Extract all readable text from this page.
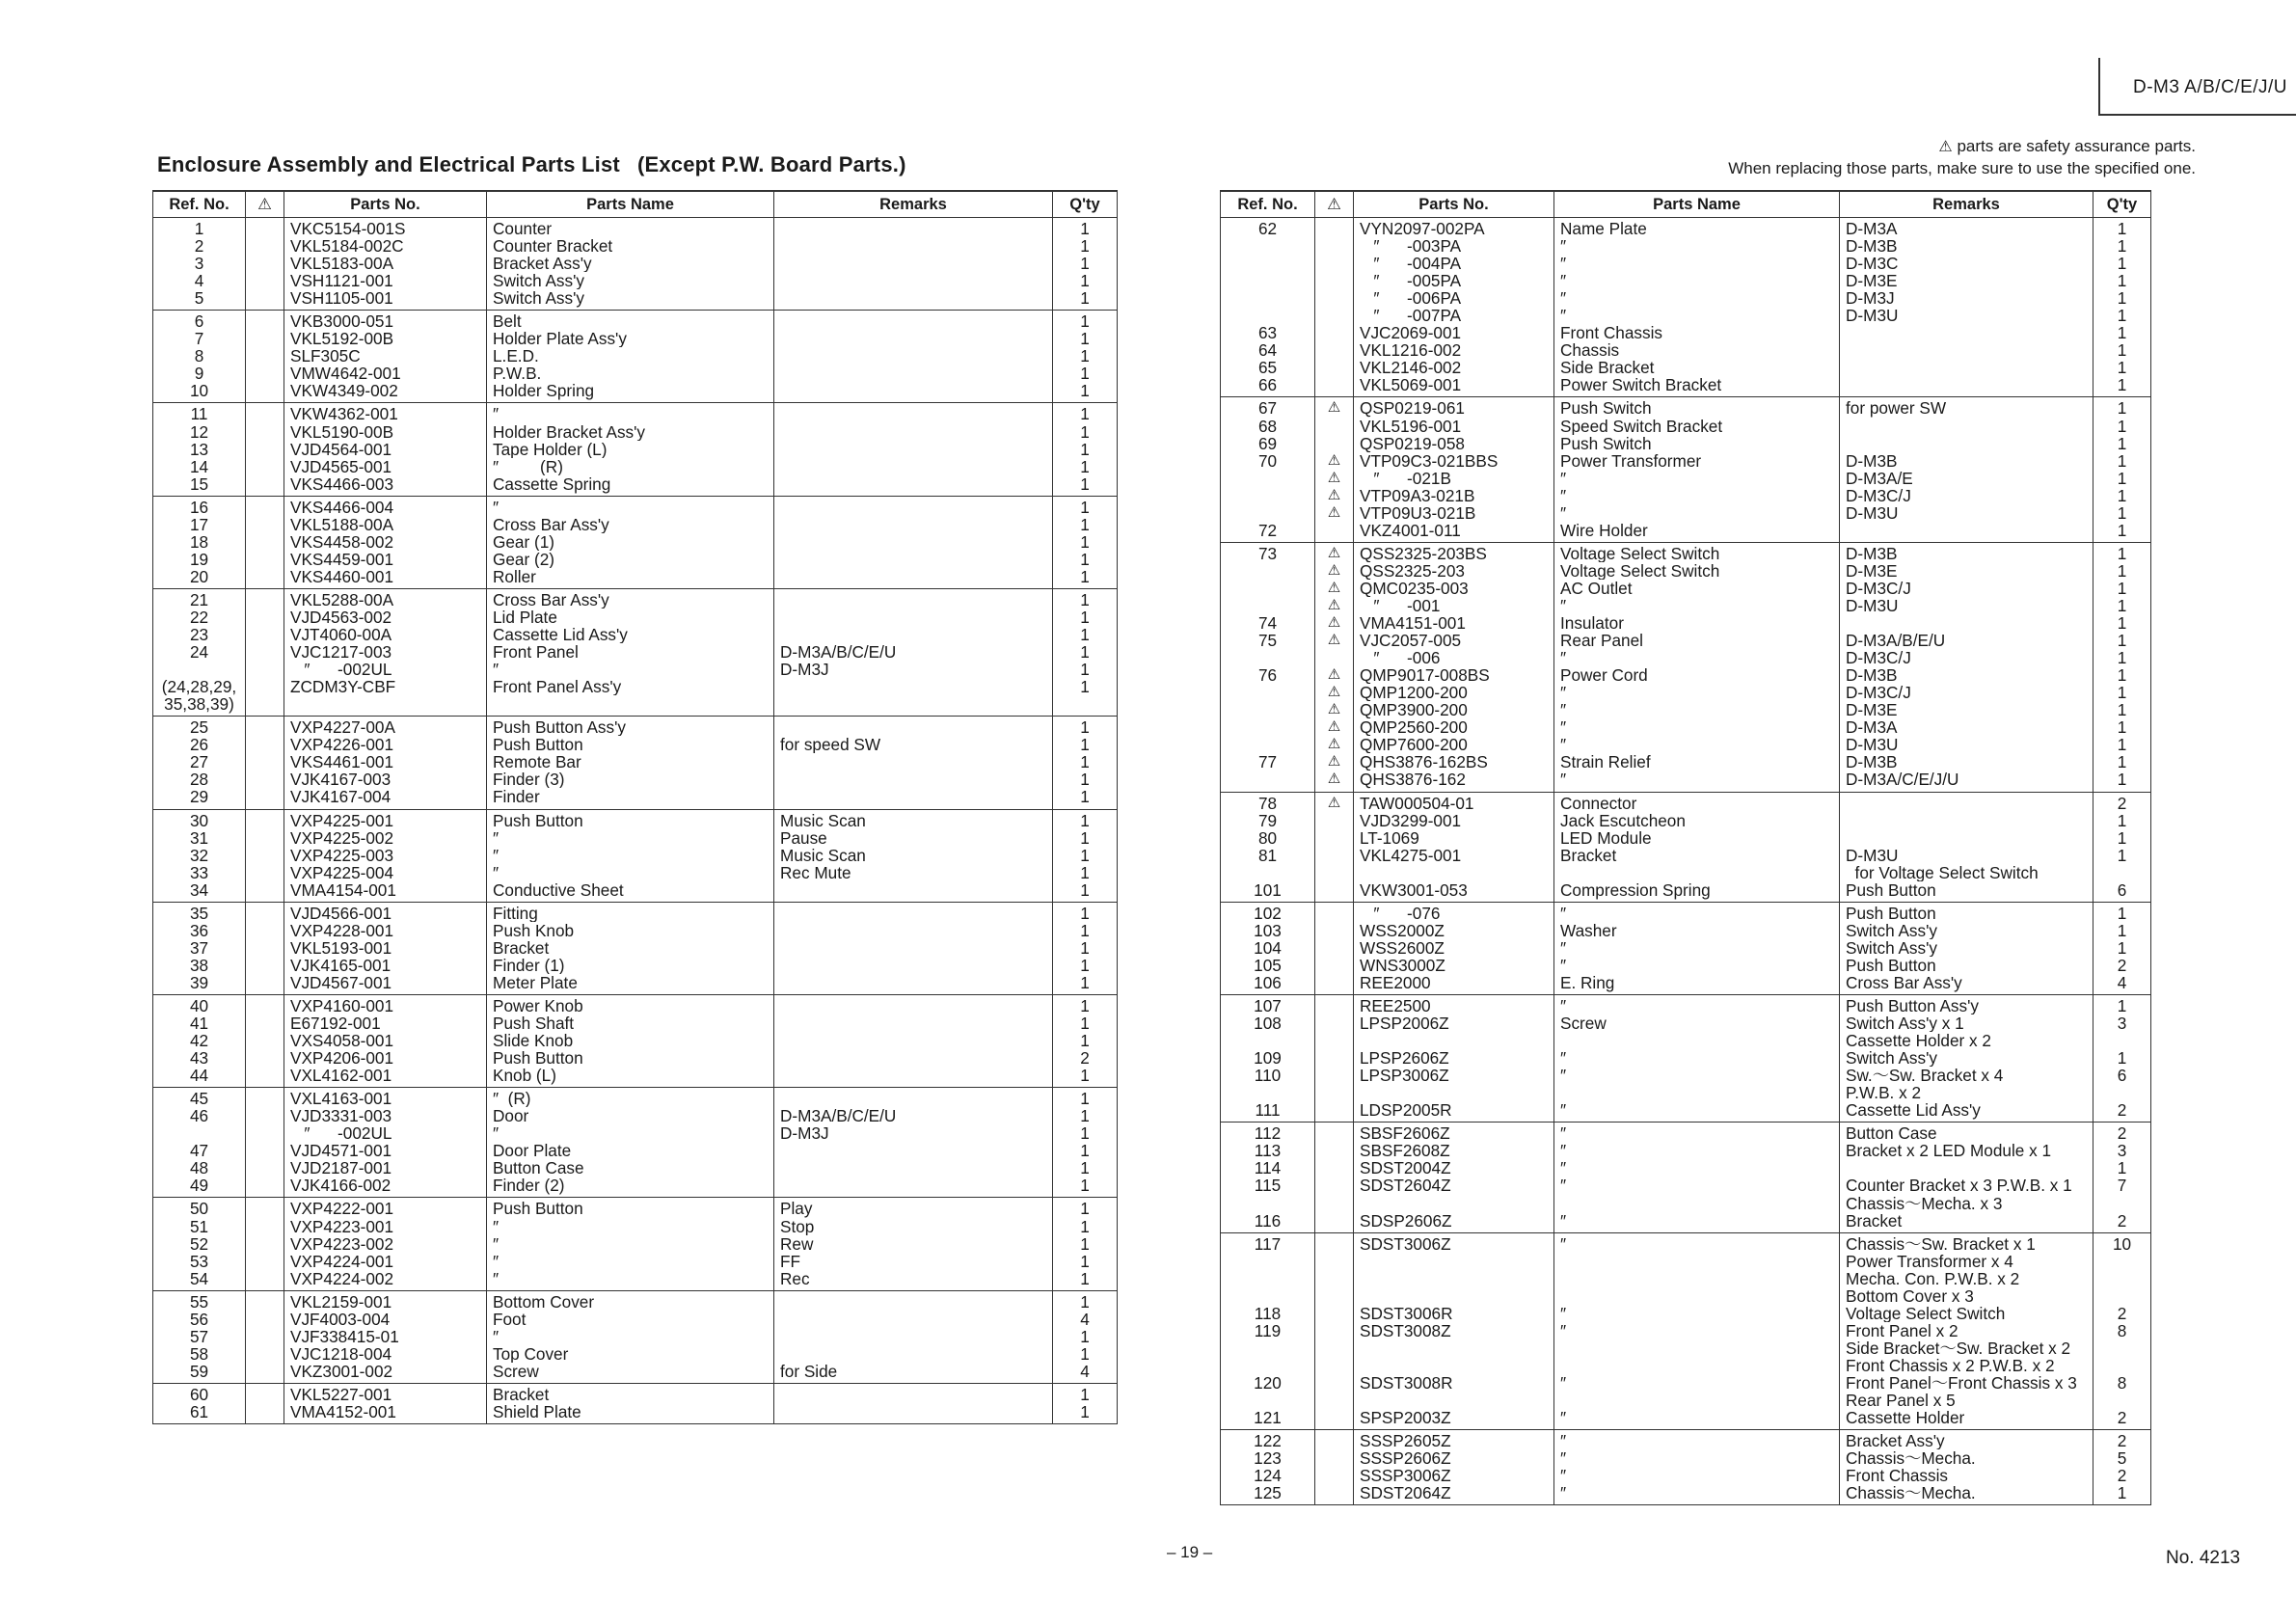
D-M3 A/B/C/E/J/U
Enclosure Assembly and Electrical Parts List (Except P.W. Board Parts.)
⚠ parts are safety assurance parts.
When replacing those parts, make sure to use the specified one.
Ref. No.	⚠	Parts No.	Parts Name	Remarks	Q'ty
1		VKC5154-001S	Counter		1
2		VKL5184-002C	Counter Bracket		1
3		VKL5183-00A	Bracket Ass'y		1
4		VSH1121-001	Switch Ass'y		1
5		VSH1105-001	Switch Ass'y		1
6		VKB3000-051	Belt		1
7		VKL5192-00B	Holder Plate Ass'y		1
8		SLF305C	L.E.D.		1
9		VMW4642-001	P.W.B.		1
10		VKW4349-002	Holder Spring		1
11		VKW4362-001	″		1
12		VKL5190-00B	Holder Bracket Ass'y		1
13		VJD4564-001	Tape Holder (L)		1
14		VJD4565-001	″         (R)		1
15		VKS4466-003	Cassette Spring		1
16		VKS4466-004	″		1
17		VKL5188-00A	Cross Bar Ass'y		1
18		VKS4458-002	Gear (1)		1
19		VKS4459-001	Gear (2)		1
20		VKS4460-001	Roller		1
21		VKL5288-00A	Cross Bar Ass'y		1
22		VJD4563-002	Lid Plate		1
23		VJT4060-00A	Cassette Lid Ass'y		1
24		VJC1217-003	Front Panel	D-M3A/B/C/E/U	1
		″      -002UL	″	D-M3J	1
(24,28,29,		ZCDM3Y-CBF	Front Panel Ass'y		1
35,38,39)					
25		VXP4227-00A	Push Button Ass'y		1
26		VXP4226-001	Push Button	for speed SW	1
27		VKS4461-001	Remote Bar		1
28		VJK4167-003	Finder (3)		1
29		VJK4167-004	Finder		1
30		VXP4225-001	Push Button	Music Scan	1
31		VXP4225-002	″	Pause	1
32		VXP4225-003	″	Music Scan	1
33		VXP4225-004	″	Rec Mute	1
34		VMA4154-001	Conductive Sheet		1
35		VJD4566-001	Fitting		1
36		VXP4228-001	Push Knob		1
37		VKL5193-001	Bracket		1
38		VJK4165-001	Finder (1)		1
39		VJD4567-001	Meter Plate		1
40		VXP4160-001	Power Knob		1
41		E67192-001	Push Shaft		1
42		VXS4058-001	Slide Knob		1
43		VXP4206-001	Push Button		2
44		VXL4162-001	Knob (L)		1
45		VXL4163-001	″  (R)		1
46		VJD3331-003	Door	D-M3A/B/C/E/U	1
		″      -002UL	″	D-M3J	1
47		VJD4571-001	Door Plate		1
48		VJD2187-001	Button Case		1
49		VJK4166-002	Finder (2)		1
50		VXP4222-001	Push Button	Play	1
51		VXP4223-001	″	Stop	1
52		VXP4223-002	″	Rew	1
53		VXP4224-001	″	FF	1
54		VXP4224-002	″	Rec	1
55		VKL2159-001	Bottom Cover		1
56		VJF4003-004	Foot		4
57		VJF338415-01	″		1
58		VJC1218-004	Top Cover		1
59		VKZ3001-002	Screw	for Side	4
60		VKL5227-001	Bracket		1
61		VMA4152-001	Shield Plate		1

Ref. No.	⚠	Parts No.	Parts Name	Remarks	Q'ty
62		VYN2097-002PA	Name Plate	D-M3A	1
		″      -003PA	″	D-M3B	1
		″      -004PA	″	D-M3C	1
		″      -005PA	″	D-M3E	1
		″      -006PA	″	D-M3J	1
		″      -007PA	″	D-M3U	1
63		VJC2069-001	Front Chassis		1
64		VKL1216-002	Chassis		1
65		VKL2146-002	Side Bracket		1
66		VKL5069-001	Power Switch Bracket		1
67	⚠	QSP0219-061	Push Switch	for power SW	1
68		VKL5196-001	Speed Switch Bracket		1
69		QSP0219-058	Push Switch		1
70	⚠	VTP09C3-021BBS	Power Transformer	D-M3B	1
	⚠	″      -021B	″	D-M3A/E	1
	⚠	VTP09A3-021B	″	D-M3C/J	1
	⚠	VTP09U3-021B	″	D-M3U	1
72		VKZ4001-011	Wire Holder		1
73	⚠	QSS2325-203BS	Voltage Select Switch	D-M3B	1
	⚠	QSS2325-203	Voltage Select Switch	D-M3E	1
	⚠	QMC0235-003	AC Outlet	D-M3C/J	1
	⚠	″      -001	″	D-M3U	1
74	⚠	VMA4151-001	Insulator		1
75	⚠	VJC2057-005	Rear Panel	D-M3A/B/E/U	1
		″      -006	″	D-M3C/J	1
76	⚠	QMP9017-008BS	Power Cord	D-M3B	1
	⚠	QMP1200-200	″	D-M3C/J	1
	⚠	QMP3900-200	″	D-M3E	1
	⚠	QMP2560-200	″	D-M3A	1
	⚠	QMP7600-200	″	D-M3U	1
77	⚠	QHS3876-162BS	Strain Relief	D-M3B	1
	⚠	QHS3876-162	″	D-M3A/C/E/J/U	1
78	⚠	TAW000504-01	Connector		2
79		VJD3299-001	Jack Escutcheon		1
80		LT-1069	LED Module		1
81		VKL4275-001	Bracket	D-M3U	1
				for Voltage Select Switch	
101		VKW3001-053	Compression Spring	Push Button	6
102		″      -076	″	Push Button	1
103		WSS2000Z	Washer	Switch Ass'y	1
104		WSS2600Z	″	Switch Ass'y	1
105		WNS3000Z	″	Push Button	2
106		REE2000	E. Ring	Cross Bar Ass'y	4
107		REE2500	″	Push Button Ass'y	1
108		LPSP2006Z	Screw	Switch Ass'y x 1	3
				Cassette Holder x 2	
109		LPSP2606Z	″	Switch Ass'y	1
110		LPSP3006Z	″	Sw.～Sw. Bracket x 4	6
				P.W.B. x 2	
111		LDSP2005R	″	Cassette Lid Ass'y	2
112		SBSF2606Z	″	Button Case	2
113		SBSF2608Z	″	Bracket x 2 LED Module x 1	3
114		SDST2004Z	″		1
115		SDST2604Z	″	Counter Bracket x 3 P.W.B. x 1	7
				Chassis～Mecha. x 3	
116		SDSP2606Z	″	Bracket	2
117		SDST3006Z	″	Chassis～Sw. Bracket x 1	10
				Power Transformer x 4	
				Mecha. Con. P.W.B. x 2	
				Bottom Cover x 3	
118		SDST3006R	″	Voltage Select Switch	2
119		SDST3008Z	″	Front Panel x 2	8
				Side Bracket～Sw. Bracket x 2	
				Front Chassis x 2 P.W.B. x 2	
120		SDST3008R	″	Front Panel～Front Chassis x 3	8
				Rear Panel x 5	
121		SPSP2003Z	″	Cassette Holder	2
122		SSSP2605Z	″	Bracket Ass'y	2
123		SSSP2606Z	″	Chassis～Mecha.	5
124		SSSP3006Z	″	Front Chassis	2
125		SDST2064Z	″	Chassis～Mecha.	1
– 19 –	No. 4213
